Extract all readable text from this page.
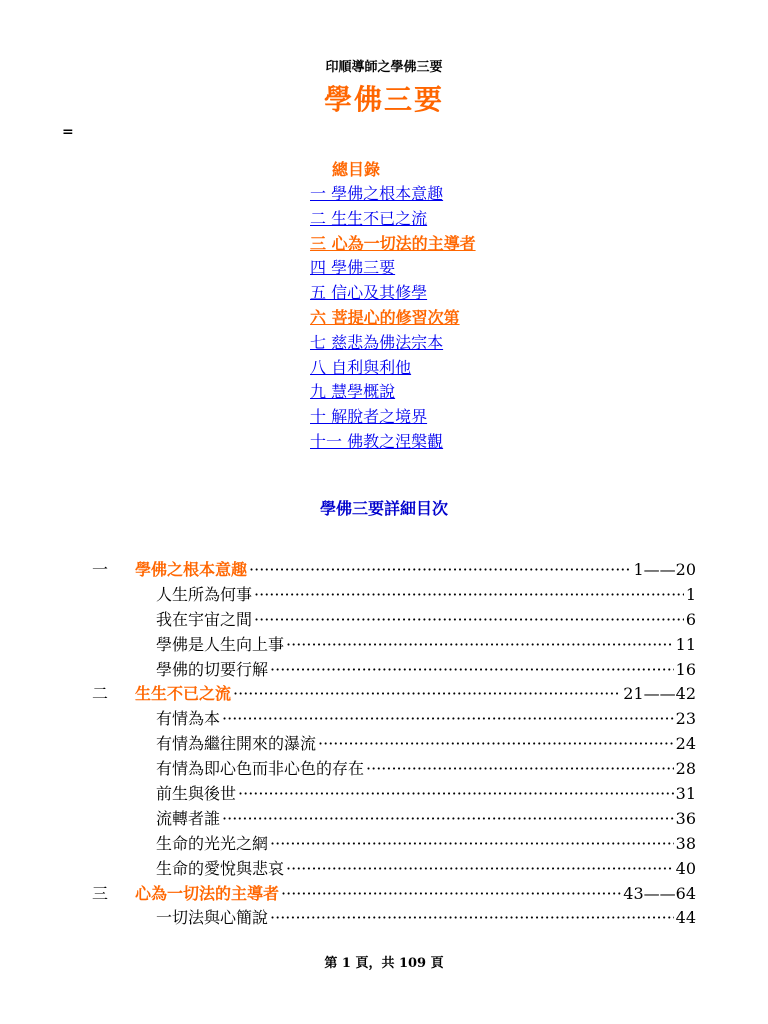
印順導師之學佛三要
學佛三要
=
總目錄
一 學佛之根本意趣
二 生生不已之流
三 心為一切法的主導者
四 學佛三要
五 信心及其修學
六 菩提心的修習次第
七 慈悲為佛法宗本
八 自利與利他
九 慧學概說
十 解脫者之境界
十一 佛教之涅槃觀
學佛三要詳細目次
一	學佛之根本意趣 ·····	1——20
人生所為何事 ·····	1
我在宇宙之間 ·····	6
學佛是人生向上事 ·····	11
學佛的切要行解 ·····	16
二	生生不已之流 ·····	21——42
有情為本 ·····	23
有情為繼往開來的瀑流 ·····	24
有情為即心色而非心色的存在 ·····	28
前生與後世 ·····	31
流轉者誰 ·····	36
生命的光光之網 ·····	38
生命的愛悅與悲哀 ·····	40
三	心為一切法的主導者 ·····	43——64
一切法與心簡說 ·····	44
第 1 頁，共 109 頁
